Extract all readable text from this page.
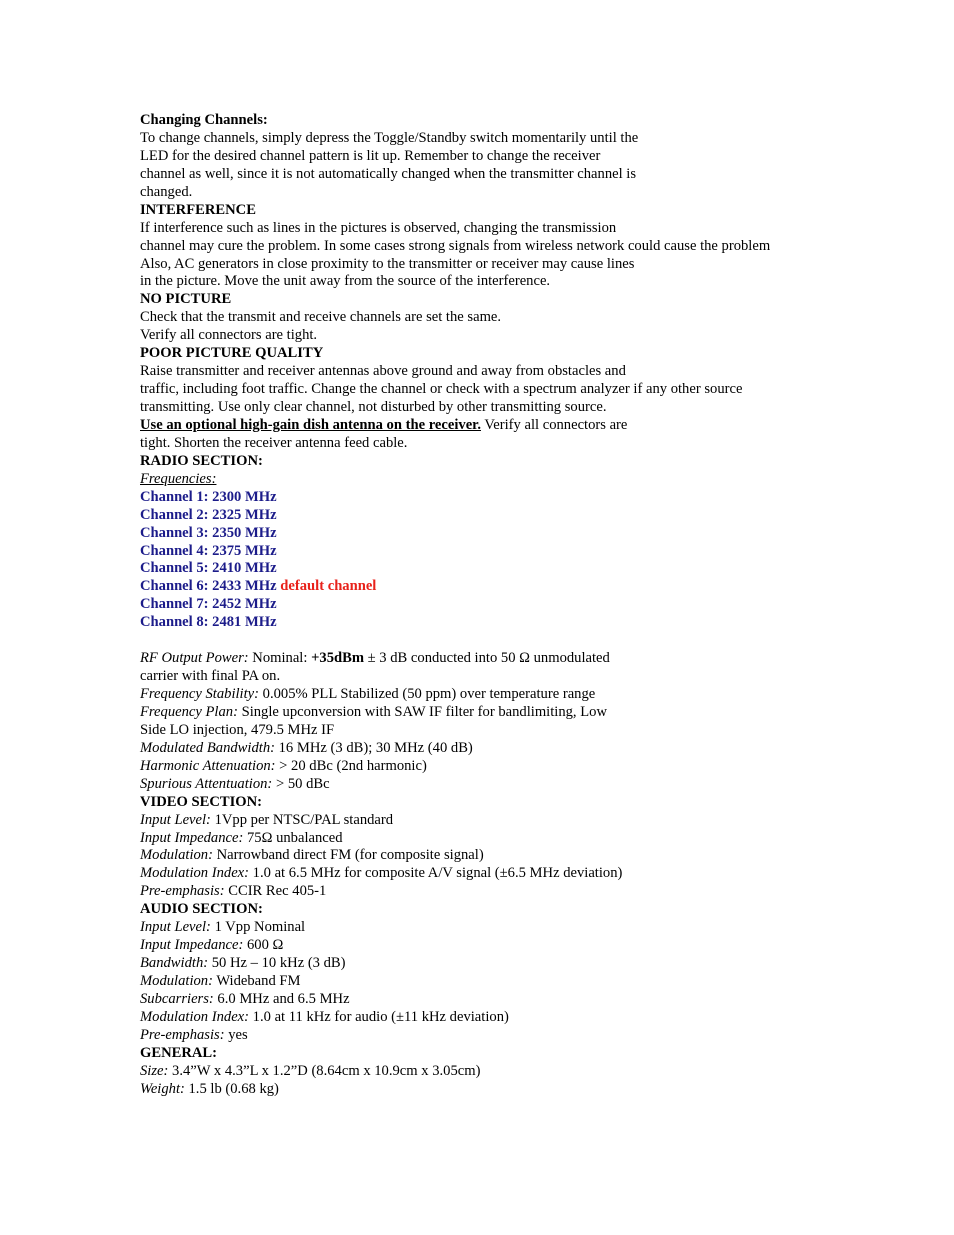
Changing Channels:
To change channels, simply depress the Toggle/Standby switch momentarily until the
LED for the desired channel pattern is lit up. Remember to change the receiver
channel as well, since it is not automatically changed when the transmitter channel is
changed.
INTERFERENCE
If interference such as lines in the pictures is observed, changing the transmission
channel may cure the problem. In some cases strong signals from wireless network could cause the problem
Also, AC generators in close proximity to the transmitter or receiver may cause lines
in the picture. Move the unit away from the source of the interference.
NO PICTURE
Check that the transmit and receive channels are set the same.
Verify all connectors are tight.
POOR PICTURE QUALITY
Raise transmitter and receiver antennas above ground and away from obstacles and
traffic, including foot traffic. Change the channel or check with a spectrum analyzer if any other source
transmitting. Use only clear channel, not disturbed by other transmitting source.
Use an optional high-gain dish antenna on the receiver. Verify all connectors are
tight. Shorten the receiver antenna feed cable.
RADIO SECTION:
Frequencies:
Channel 1: 2300 MHz
Channel 2: 2325 MHz
Channel 3: 2350 MHz
Channel 4: 2375 MHz
Channel 5: 2410 MHz
Channel 6: 2433 MHz default channel
Channel 7: 2452 MHz
Channel 8: 2481 MHz
RF Output Power: Nominal: +35dBm ± 3 dB conducted into 50 Ω unmodulated
carrier with final PA on.
Frequency Stability: 0.005% PLL Stabilized (50 ppm) over temperature range
Frequency Plan: Single upconversion with SAW IF filter for bandlimiting, Low
Side LO injection, 479.5 MHz IF
Modulated Bandwidth: 16 MHz (3 dB); 30 MHz (40 dB)
Harmonic Attenuation: > 20 dBc (2nd harmonic)
Spurious Attentuation: > 50 dBc
VIDEO SECTION:
Input Level: 1Vpp per NTSC/PAL standard
Input Impedance: 75Ω unbalanced
Modulation: Narrowband direct FM (for composite signal)
Modulation Index: 1.0 at 6.5 MHz for composite A/V signal (±6.5 MHz deviation)
Pre-emphasis: CCIR Rec 405-1
AUDIO SECTION:
Input Level: 1 Vpp Nominal
Input Impedance: 600 Ω
Bandwidth: 50 Hz – 10 kHz (3 dB)
Modulation: Wideband FM
Subcarriers: 6.0 MHz and 6.5 MHz
Modulation Index: 1.0 at 11 kHz for audio (±11 kHz deviation)
Pre-emphasis: yes
GENERAL:
Size: 3.4”W x 4.3”L x 1.2”D (8.64cm x 10.9cm x 3.05cm)
Weight: 1.5 lb (0.68 kg)
